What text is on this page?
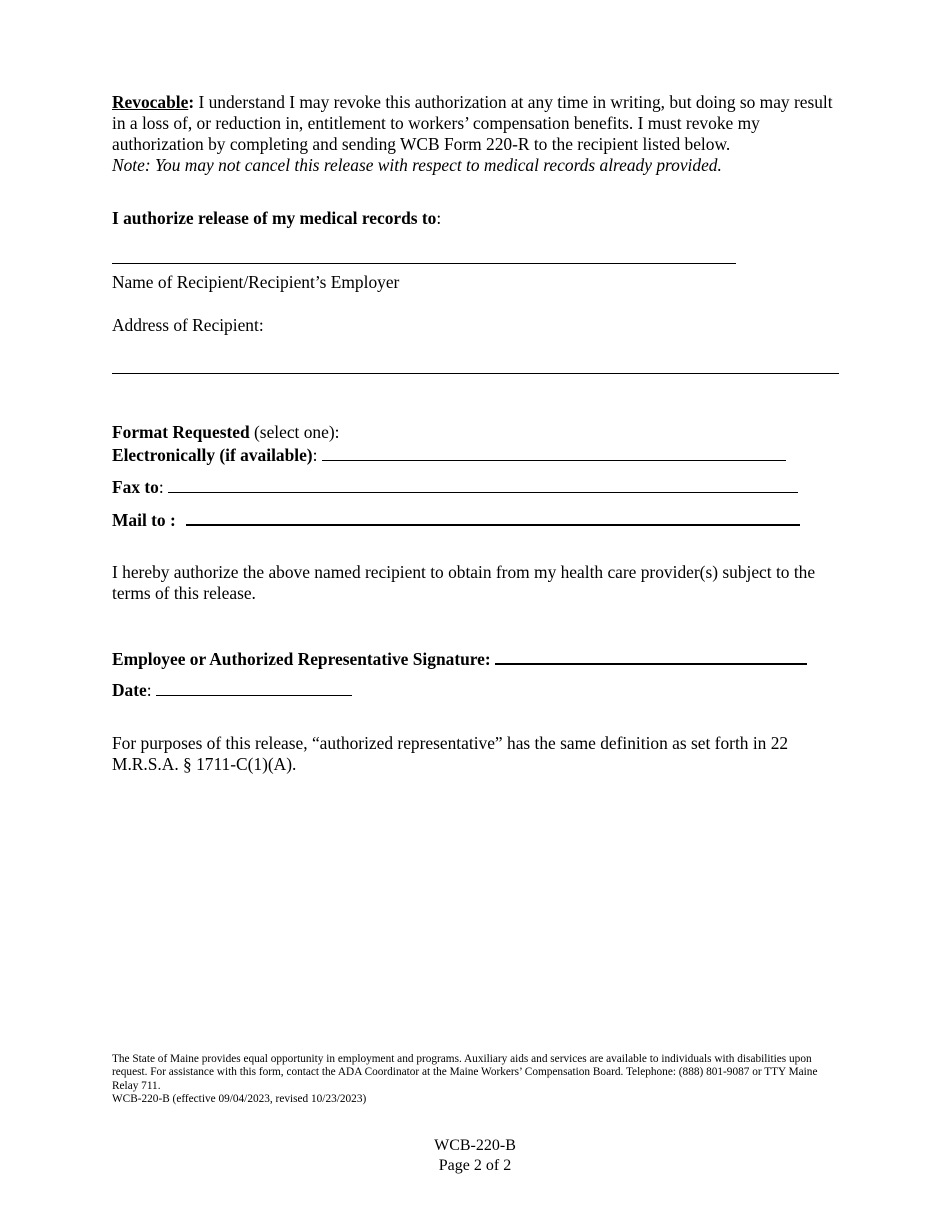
Revocable: I understand I may revoke this authorization at any time in writing, but doing so may result in a loss of, or reduction in, entitlement to workers’ compensation benefits. I must revoke my authorization by completing and sending WCB Form 220-R to the recipient listed below.
Note: You may not cancel this release with respect to medical records already provided.
I authorize release of my medical records to:
Name of Recipient/Recipient’s Employer
Address of Recipient:
Format Requested (select one):
Electronically (if available):
Fax to:
Mail to :
I hereby authorize the above named recipient to obtain from my health care provider(s) subject to the terms of this release.
Employee or Authorized Representative Signature:
Date:
For purposes of this release, “authorized representative” has the same definition as set forth in 22 M.R.S.A. § 1711-C(1)(A).
The State of Maine provides equal opportunity in employment and programs. Auxiliary aids and services are available to individuals with disabilities upon request. For assistance with this form, contact the ADA Coordinator at the Maine Workers’ Compensation Board. Telephone: (888) 801-9087 or TTY Maine Relay 711.
WCB-220-B (effective 09/04/2023, revised 10/23/2023)
WCB-220-B
Page 2 of 2
